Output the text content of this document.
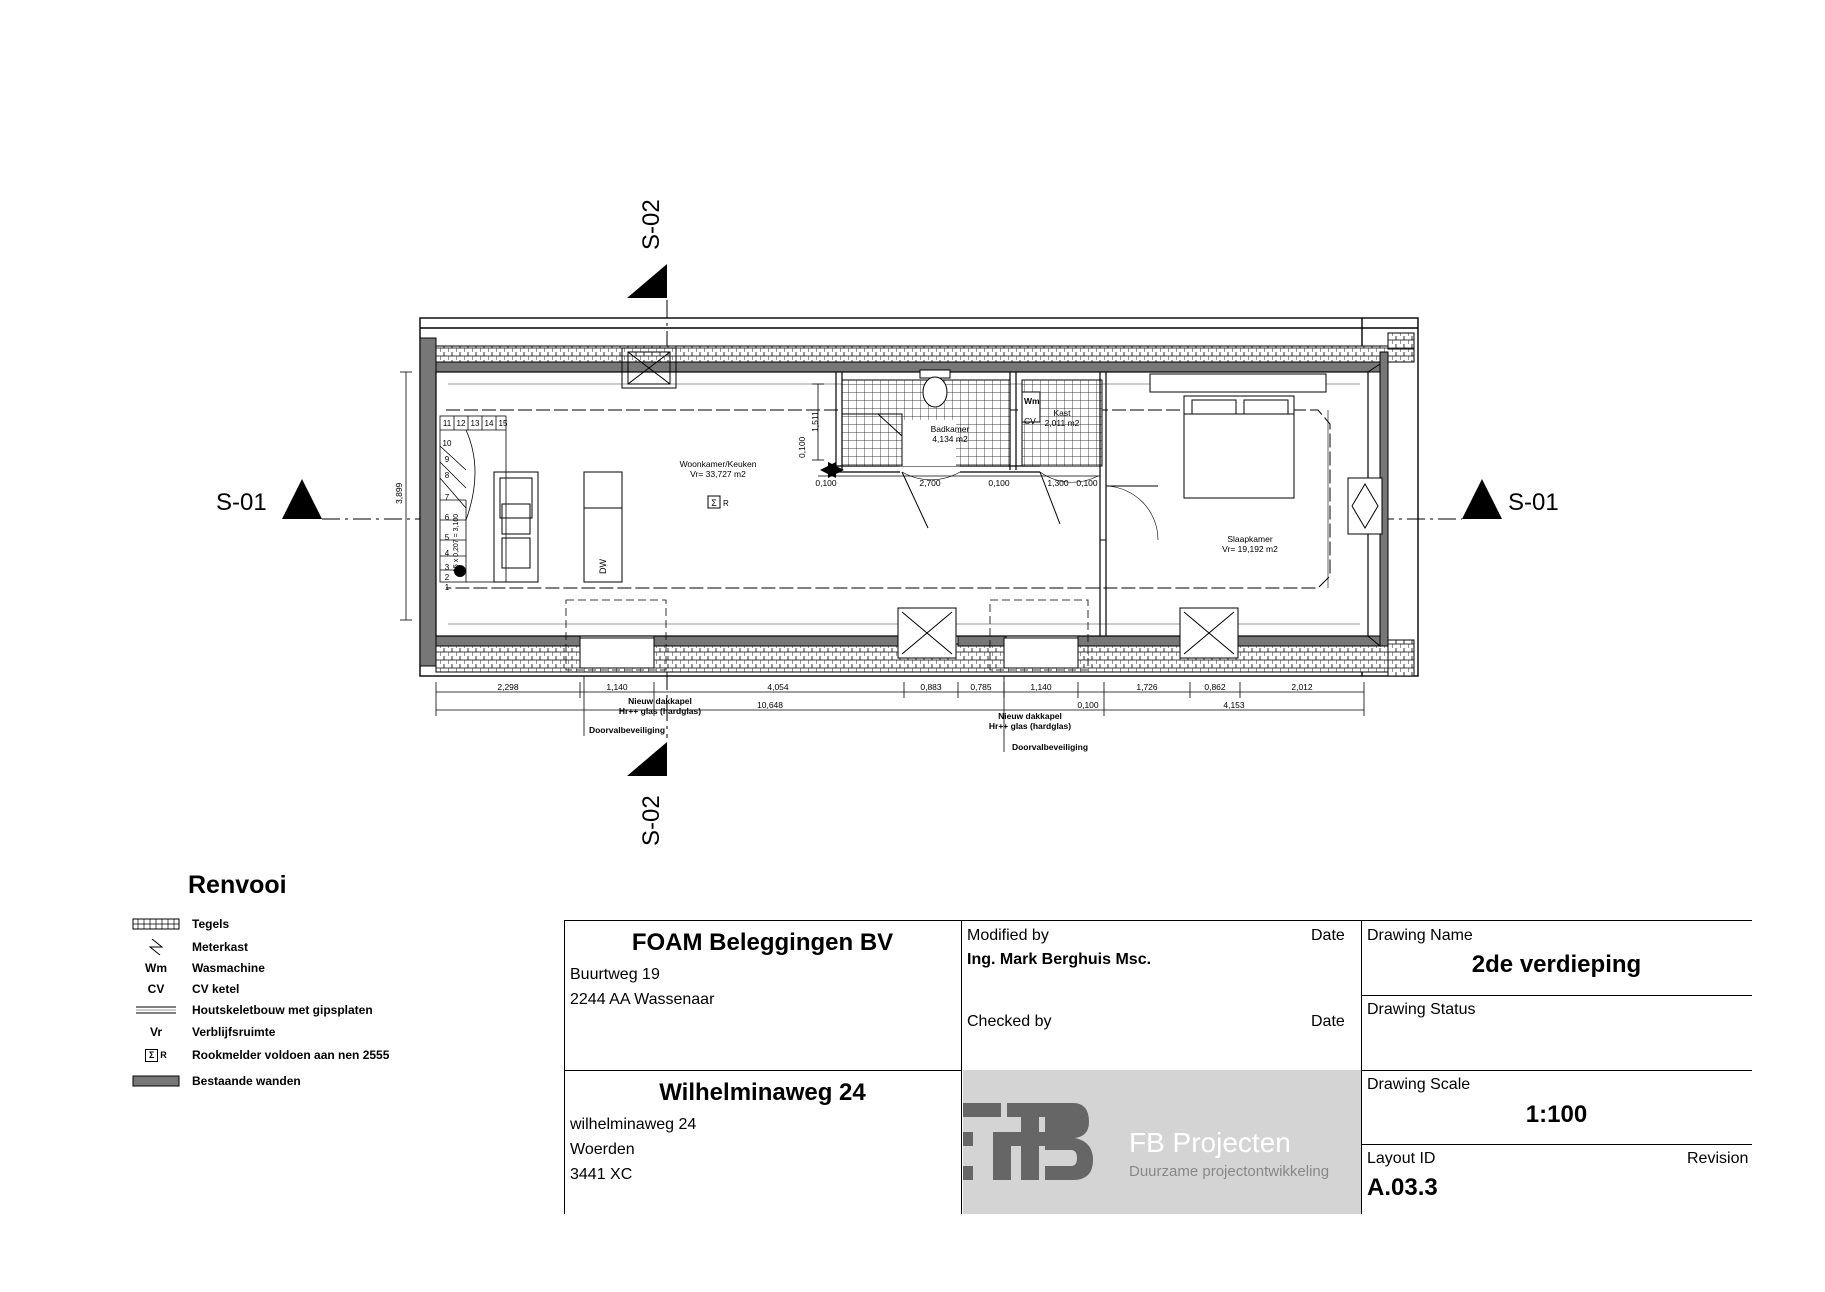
S-02
S-02
S-01	S-01
15 x 0,207 = 3,100	DW
Woonkamer/Keuken
Vr= 33,727 m2
Σ R
Badkamer
4,134 m2
Wm
CV
Kast
2,011 m2
Slaapkamer
Vr= 19,192 m2
2,298	1,140	4,054	0,883	0,785	1,140	1,726	0,862	2,012
10,648	4,153
0,100	2,700	0,100	1,300 0,100
0,100
3,899
1,511
0,100
Nieuw dakkapel
Hr++ glas (hardglas)
Doorvalbeveiliging
Nieuw dakkapel
Hr++ glas (hardglas)
Doorvalbeveiliging
11 12 13 14 15
10
9
8
7
6
5
4
3
2
1
Renvooi
Tegels
Meterkast
Wm	Wasmachine
CV	CV ketel
Houtskeletbouw met gipsplaten
Vr	Verblijfsruimte
Σ R Rookmelder voldoen aan nen 2555
Bestaande wanden
FOAM Beleggingen BV
Buurtweg 19
2244 AA Wassenaar
Modified by	Date
Ing. Mark Berghuis Msc.
Checked by	Date
Drawing Name
2de verdieping
Drawing Status
Wilhelminaweg 24
wilhelminaweg 24
Woerden
3441 XC
FB Projecten
Duurzame projectontwikkeling
Drawing Scale
1:100
Layout ID	Revision
A.03.3
